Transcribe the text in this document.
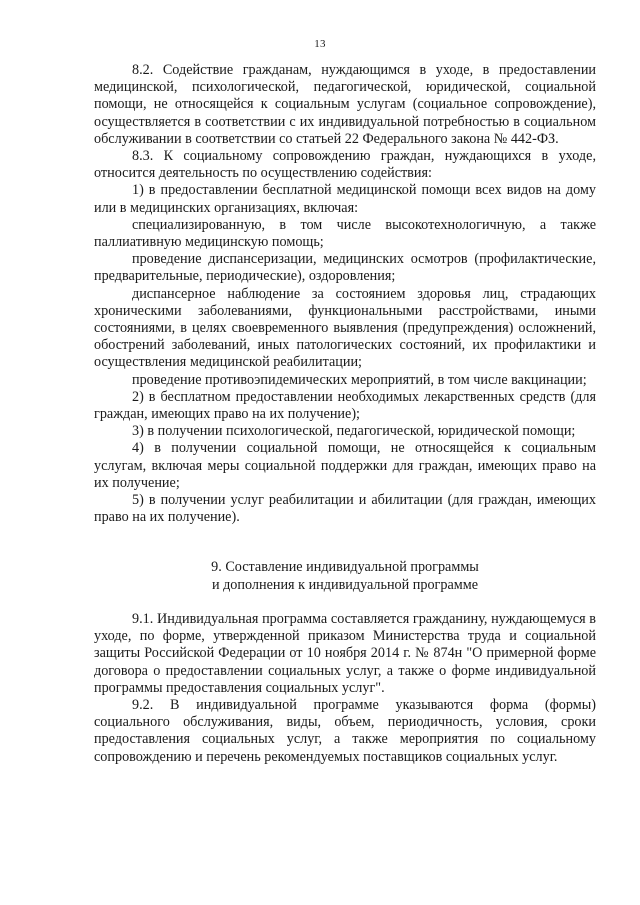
13

8.2. Содействие гражданам, нуждающимся в уходе, в предоставлении медицинской, психологической, педагогической, юридической, социальной помощи, не относящейся к социальным услугам (социальное сопровождение), осуществляется в соответствии с их индивидуальной потребностью в социальном обслуживании в соответствии со статьей 22 Федерального закона № 442-ФЗ.

8.3. К социальному сопровождению граждан, нуждающихся в уходе, относится деятельность по осуществлению содействия:

1) в предоставлении бесплатной медицинской помощи всех видов на дому или в медицинских организациях, включая:

специализированную, в том числе высокотехнологичную, а также паллиативную медицинскую помощь;

проведение диспансеризации, медицинских осмотров (профилактические, предварительные, периодические), оздоровления;

диспансерное наблюдение за состоянием здоровья лиц, страдающих хроническими заболеваниями, функциональными расстройствами, иными состояниями, в целях своевременного выявления (предупреждения) осложнений, обострений заболеваний, иных патологических состояний, их профилактики и осуществления медицинской реабилитации;

проведение противоэпидемических мероприятий, в том числе вакцинации;

2) в бесплатном предоставлении необходимых лекарственных средств (для граждан, имеющих право на их получение);

3) в получении психологической, педагогической, юридической помощи;

4) в получении социальной помощи, не относящейся к социальным услугам, включая меры социальной поддержки для граждан, имеющих право на их получение;

5) в получении услуг реабилитации и абилитации (для граждан, имеющих право на их получение).

9. Составление индивидуальной программы

и дополнения к индивидуальной программе

9.1. Индивидуальная программа составляется гражданину, нуждающемуся в уходе, по форме, утвержденной приказом Министерства труда и социальной защиты Российской Федерации от 10 ноября 2014 г. № 874н "О примерной форме договора о предоставлении социальных услуг, а также о форме индивидуальной программы предоставления социальных услуг".

9.2. В индивидуальной программе указываются форма (формы) социального обслуживания, виды, объем, периодичность, условия, сроки предоставления социальных услуг, а также мероприятия по социальному сопровождению и перечень рекомендуемых поставщиков социальных услуг.
